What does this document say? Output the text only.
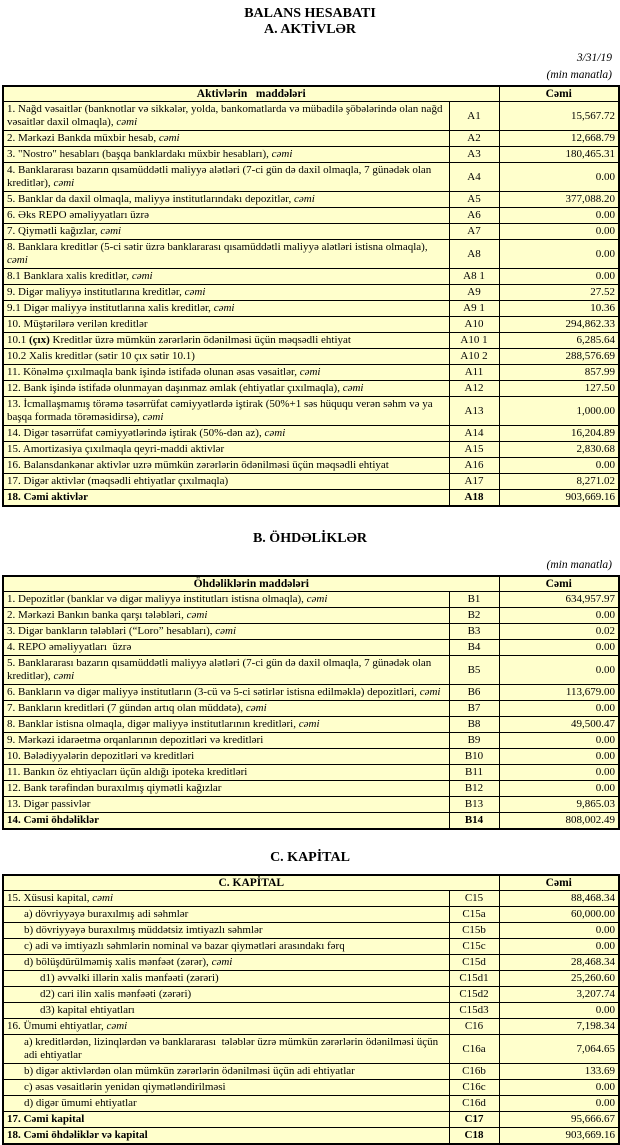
BALANS HESABATI
A. AKTİVLƏR
3/31/19
(min manatla)
Aktivlərin   maddələri		Cəmi
1. Nağd vəsaitlər (banknotlar və sikkələr, yolda, bankomatlarda və mübadilə şöbələrində olan nağd vəsaitlər daxil olmaqla), cəmi	A1	15,567.72
2. Mərkəzi Bankda müxbir hesab, cəmi	A2	12,668.79
3. "Nostro" hesabları (başqa banklardakı müxbir hesabları), cəmi	A3	180,465.31
4. Banklararası bazarın qısamüddətli maliyyə alətləri (7-ci gün də daxil olmaqla, 7 günədək olan kreditlər), cəmi	A4	0.00
5. Banklar da daxil olmaqla, maliyyə institutlarındakı depozitlər, cəmi	A5	377,088.20
6. Əks REPO əməliyyatları üzrə	A6	0.00
7. Qiymətli kağızlar, cəmi	A7	0.00
8. Banklara kreditlər (5-ci sətir üzrə banklararası qısamüddətli maliyyə alətləri istisna olmaqla), cəmi	A8	0.00
8.1 Banklara xalis kreditlər, cəmi	A8 1	0.00
9. Digər maliyyə institutlarına kreditlər, cəmi	A9	27.52
9.1 Digər maliyyə institutlarına xalis kreditlər, cəmi	A9 1	10.36
10. Müştərilərə verilən kreditlər	A10	294,862.33
10.1 (çıx) Kreditlər üzrə mümkün zərərlərin ödənilməsi üçün məqsədli ehtiyat	A10 1	6,285.64
10.2 Xalis kreditlər (sətir 10 çıx sətir 10.1)	A10 2	288,576.69
11. Könəlmə çıxılmaqla bank işində istifadə olunan əsas vəsaitlər, cəmi	A11	857.99
12. Bank işində istifadə olunmayan daşınmaz əmlak (ehtiyatlar çıxılmaqla), cəmi	A12	127.50
13. İcmallaşmamış törəmə təsərrüfat cəmiyyətlərdə iştirak (50%+1 səs hüququ verən səhm və ya başqa formada törəməsidirsə), cəmi	A13	1,000.00
14. Digər təsərrüfat cəmiyyətlərində iştirak (50%-dən az), cəmi	A14	16,204.89
15. Amortizasiya çıxılmaqla qeyri-maddi aktivlər	A15	2,830.68
16. Balansdankənar aktivlər uzrə mümkün zərərlərin ödənilməsi üçün məqsədli ehtiyat	A16	0.00
17. Digər aktivlər (məqsədli ehtiyatlar çıxılmaqla)	A17	8,271.02
18. Cəmi aktivlər	A18	903,669.16
B. ÖHDƏLİKLƏR
(min manatla)
Öhdəliklərin maddələri		Cəmi
1. Depozitlər (banklar və digər maliyyə institutları istisna olmaqla), cəmi	B1	634,957.97
2. Mərkəzi Bankın banka qarşı tələbləri, cəmi	B2	0.00
3. Digər bankların tələbləri (“Loro” hesabları), cəmi	B3	0.02
4. REPO əməliyyatları  üzrə	B4	0.00
5. Banklararası bazarın qısamüddətli maliyyə alətləri (7-ci gün də daxil olmaqla, 7 günədək olan kreditlər), cəmi	B5	0.00
6. Bankların və digər maliyyə institutların (3-cü və 5-ci sətirlər istisna edilməklə) depozitləri, cəmi	B6	113,679.00
7. Bankların kreditləri (7 gündən artıq olan müddətə), cəmi	B7	0.00
8. Banklar istisna olmaqla, digər maliyyə institutlarının kreditləri, cəmi	B8	49,500.47
9. Mərkəzi idarəetmə orqanlarının depozitləri və kreditləri	B9	0.00
10. Bələdiyyələrin depozitləri və kreditləri	B10	0.00
11. Bankın öz ehtiyacları üçün aldığı ipoteka kreditləri	B11	0.00
12. Bank tərəfindən buraxılmış qiymətli kağızlar	B12	0.00
13. Digər passivlər	B13	9,865.03
14. Cəmi öhdəliklər	B14	808,002.49
C. KAPİTAL
C. KAPİTAL		Cəmi
15. Xüsusi kapital, cəmi	C15	88,468.34
a) dövriyyəyə buraxılmış adi səhmlər	C15a	60,000.00
b) dövriyyəyə buraxılmış müddətsiz imtiyazlı səhmlər	C15b	0.00
c) adi və imtiyazlı səhmlərin nominal və bazar qiymətləri arasındakı fərq	C15c	0.00
d) bölüşdürülməmiş xalis mənfəət (zərər), cəmi	C15d	28,468.34
d1) əvvəlki illərin xalis mənfəəti (zərəri)	C15d1	25,260.60
d2) cari ilin xalis mənfəəti (zərəri)	C15d2	3,207.74
d3) kapital ehtiyatları	C15d3	0.00
16. Ümumi ehtiyatlar, cəmi	C16	7,198.34
a) kreditlərdən, lizinqlərdən və banklararası  tələblər üzrə mümkün zərərlərin ödənilməsi üçün adi ehtiyatlar	C16a	7,064.65
b) digər aktivlərdən olan mümkün zərərlərin ödənilməsi üçün adi ehtiyatlar	C16b	133.69
c) əsas vəsaitlərin yenidən qiymətləndirilməsi	C16c	0.00
d) digər ümumi ehtiyatlar	C16d	0.00
17. Cəmi kapital	C17	95,666.67
18. Cəmi öhdəliklər və kapital	C18	903,669.16
